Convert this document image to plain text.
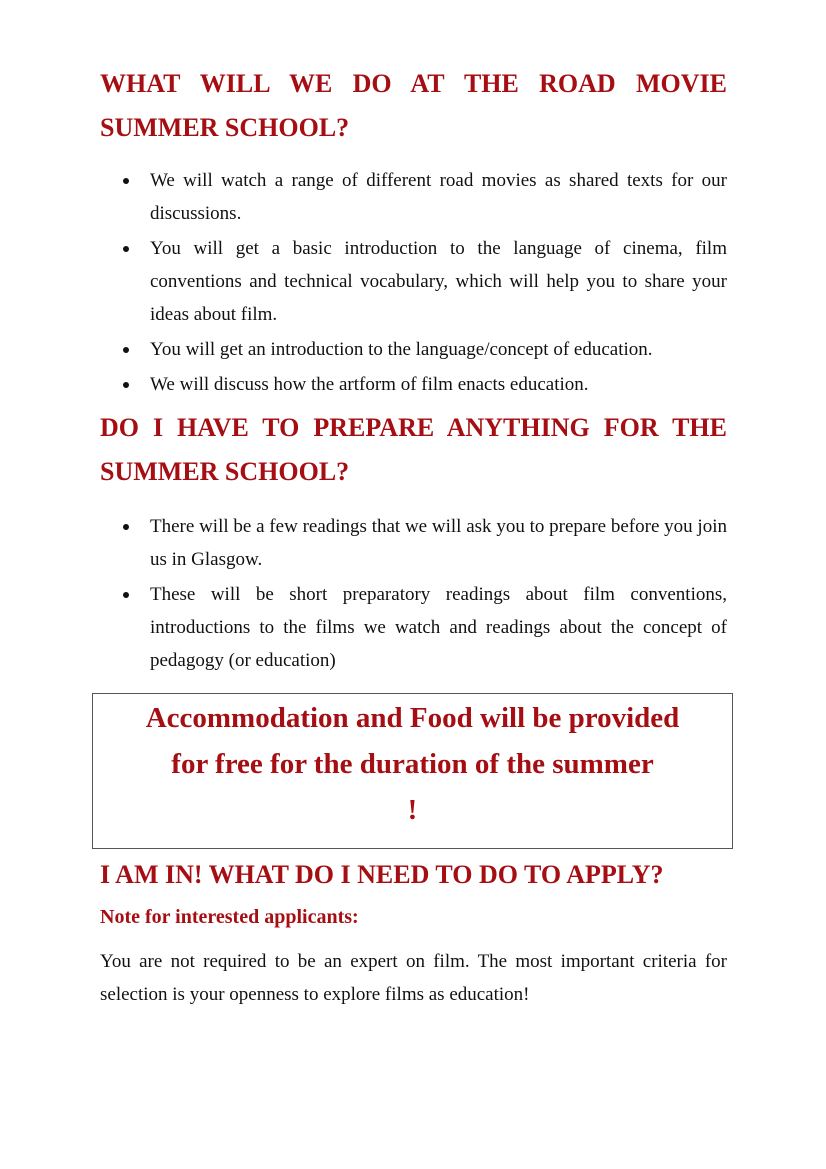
WHAT WILL WE DO AT THE ROAD MOVIE SUMMER SCHOOL?
We will watch a range of different road movies as shared texts for our discussions.
You will get a basic introduction to the language of cinema, film conventions and technical vocabulary, which will help you to share your ideas about film.
You will get an introduction to the language/concept of education.
We will discuss how the artform of film enacts education.
DO I HAVE TO PREPARE ANYTHING FOR THE SUMMER SCHOOL?
There will be a few readings that we will ask you to prepare before you join us in Glasgow.
These will be short preparatory readings about film conventions, introductions to the films we watch and readings about the concept of pedagogy (or education)
Accommodation and Food will be provided
for free for the duration of the summer
!
I AM IN! WHAT DO I NEED TO DO TO APPLY?

Note for interested applicants:

You are not required to be an expert on film. The most important criteria for selection is your openness to explore films as education!
